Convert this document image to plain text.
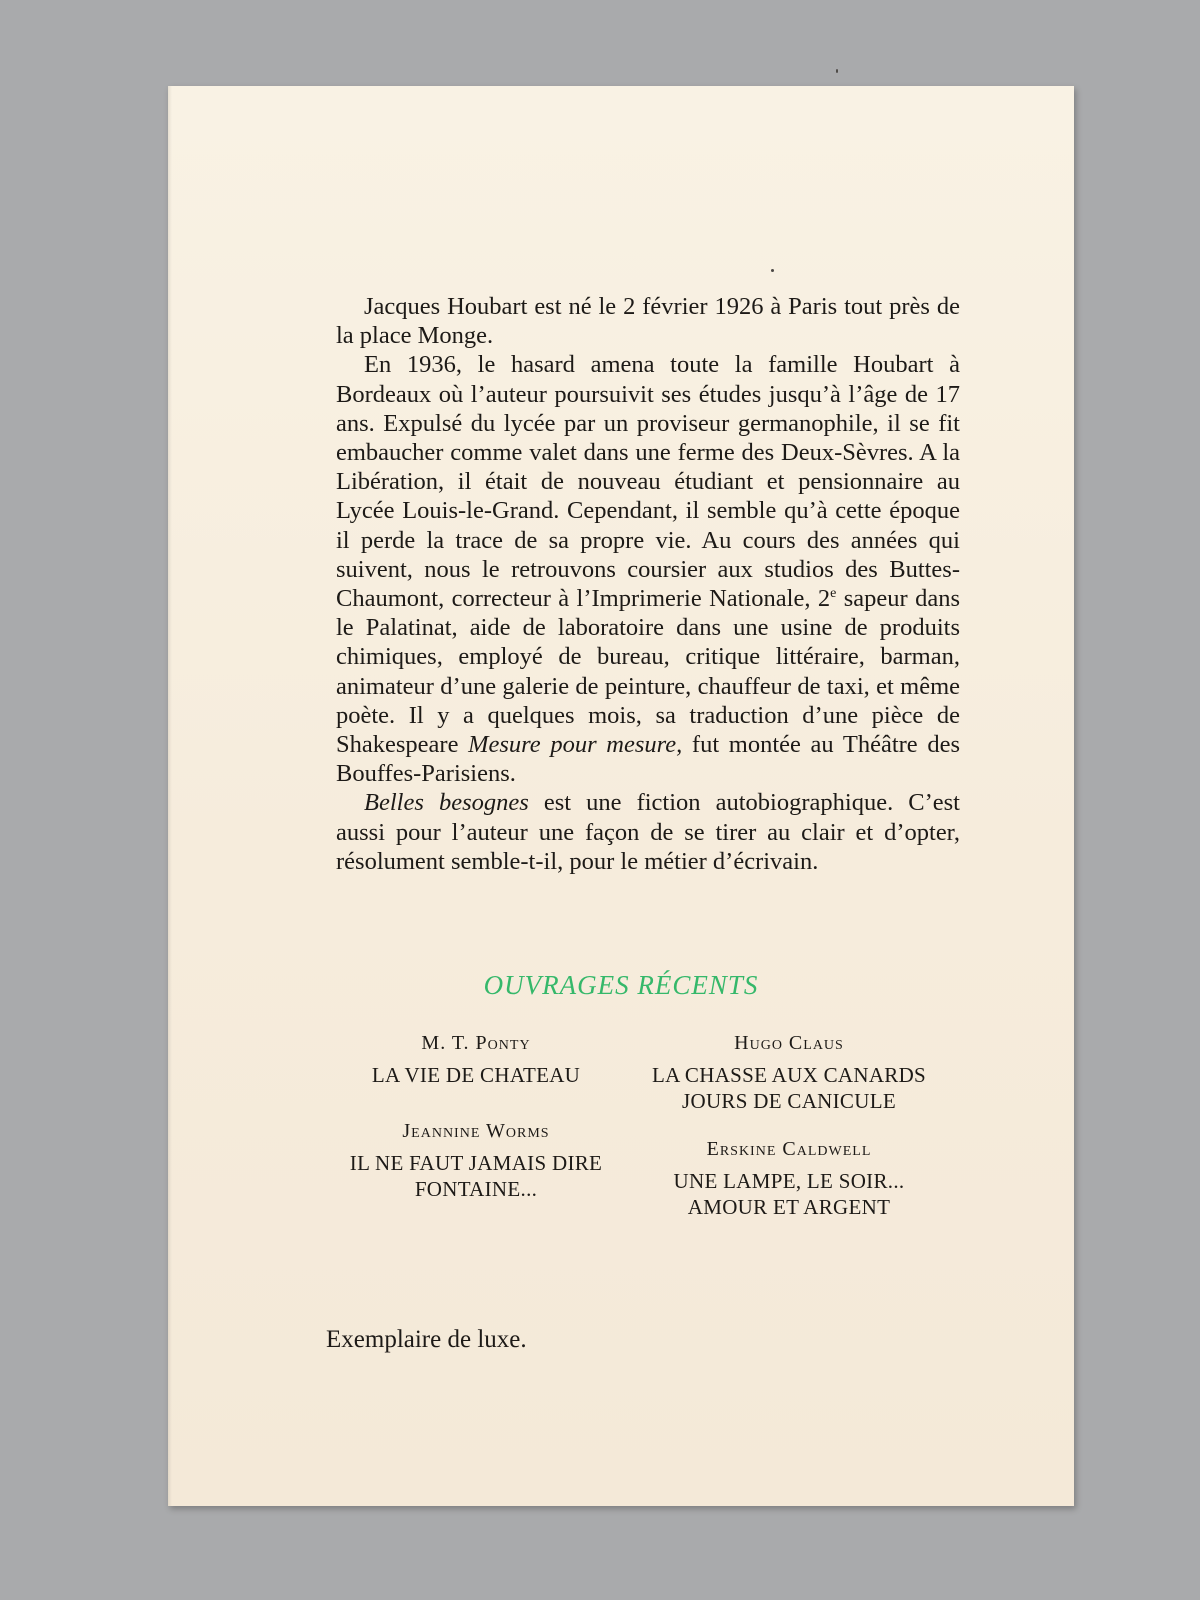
Jacques Houbart est né le 2 février 1926 à Paris tout près de la place Monge.

En 1936, le hasard amena toute la famille Houbart à Bordeaux où l’auteur poursuivit ses études jusqu’à l’âge de 17 ans. Expulsé du lycée par un proviseur germanophile, il se fit embaucher comme valet dans une ferme des Deux-Sèvres. A la Libération, il était de nouveau étudiant et pensionnaire au Lycée Louis-le-Grand. Cependant, il semble qu’à cette époque il perde la trace de sa propre vie. Au cours des années qui suivent, nous le retrouvons coursier aux studios des Buttes-Chaumont, correcteur à l’Imprimerie Nationale, 2e sapeur dans le Palatinat, aide de laboratoire dans une usine de produits chimiques, employé de bureau, critique littéraire, barman, animateur d’une galerie de peinture, chauffeur de taxi, et même poète. Il y a quelques mois, sa traduction d’une pièce de Shakespeare Mesure pour mesure, fut montée au Théâtre des Bouffes-Parisiens.

Belles besognes est une fiction autobiographique. C’est aussi pour l’auteur une façon de se tirer au clair et d’opter, résolument semble-t-il, pour le métier d’écrivain.

OUVRAGES RÉCENTS
M. T. Ponty
LA VIE DE CHATEAU
Jeannine Worms
IL NE FAUT JAMAIS DIRE
FONTAINE...
Hugo Claus
LA CHASSE AUX CANARDS
JOURS DE CANICULE
Erskine Caldwell
UNE LAMPE, LE SOIR...
AMOUR ET ARGENT
Exemplaire de luxe.
